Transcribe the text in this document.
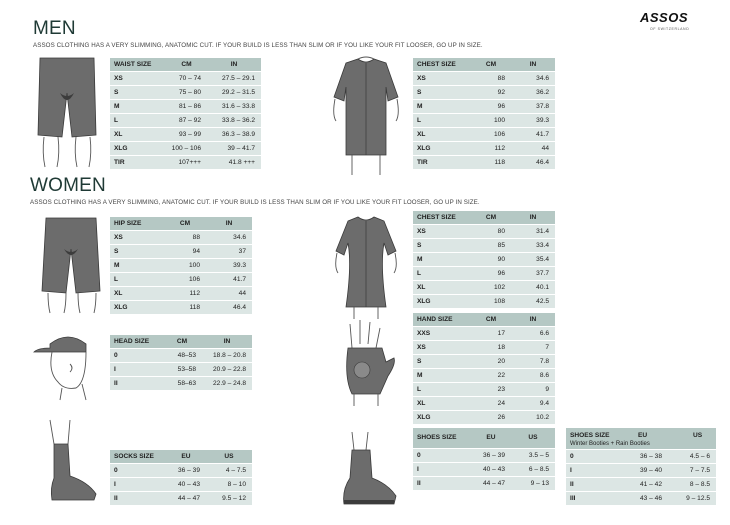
ASSOS
OF SWITZERLAND
MEN
ASSOS CLOTHING HAS A VERY SLIMMING, ANATOMIC CUT. IF YOUR BUILD IS LESS THAN SLIM OR IF YOU LIKE YOUR FIT LOOSER, GO UP IN SIZE.
WOMEN
ASSOS CLOTHING HAS A VERY SLIMMING, ANATOMIC CUT. IF YOUR BUILD IS LESS THAN SLIM OR IF YOU LIKE YOUR FIT LOOSER, GO UP IN SIZE.
WAIST SIZE	CM	IN
XS	70 – 74	27.5 – 29.1
S	75 – 80	29.2 – 31.5
M	81 – 86	31.6 – 33.8
L	87 – 92	33.8 – 36.2
XL	93 – 99	36.3 – 38.9
XLG	100 – 106	39 – 41.7
TIR	107+++	41.8 +++
CHEST SIZE	CM	IN
XS	88	34.6
S	92	36.2
M	96	37.8
L	100	39.3
XL	106	41.7
XLG	112	44
TIR	118	46.4
HIP SIZE	CM	IN
XS	88	34.6
S	94	37
M	100	39.3
L	106	41.7
XL	112	44
XLG	118	46.4
CHEST SIZE	CM	IN
XS	80	31.4
S	85	33.4
M	90	35.4
L	96	37.7
XL	102	40.1
XLG	108	42.5
HEAD SIZE	CM	IN
0	48–53	18.8 – 20.8
I	53–58	20.9 – 22.8
II	58–63	22.9 – 24.8
HAND SIZE	CM	IN
XXS	17	6.6
XS	18	7
S	20	7.8
M	22	8.6
L	23	9
XL	24	9.4
XLG	26	10.2
SOCKS SIZE	EU	US
0	36 – 39	4 – 7.5
I	40 – 43	8 – 10
II	44 – 47	9.5 – 12
SHOES SIZE	EU	US
0	36 – 39	3.5 – 5
I	40 – 43	6 – 8.5
II	44 – 47	9 – 13
SHOES SIZE EU US
Winter Booties + Rain Booties		

0	36 – 38	4.5 – 6
I	39 – 40	7 – 7.5
II	41 – 42	8 – 8.5
III	43 – 46	9 – 12.5
